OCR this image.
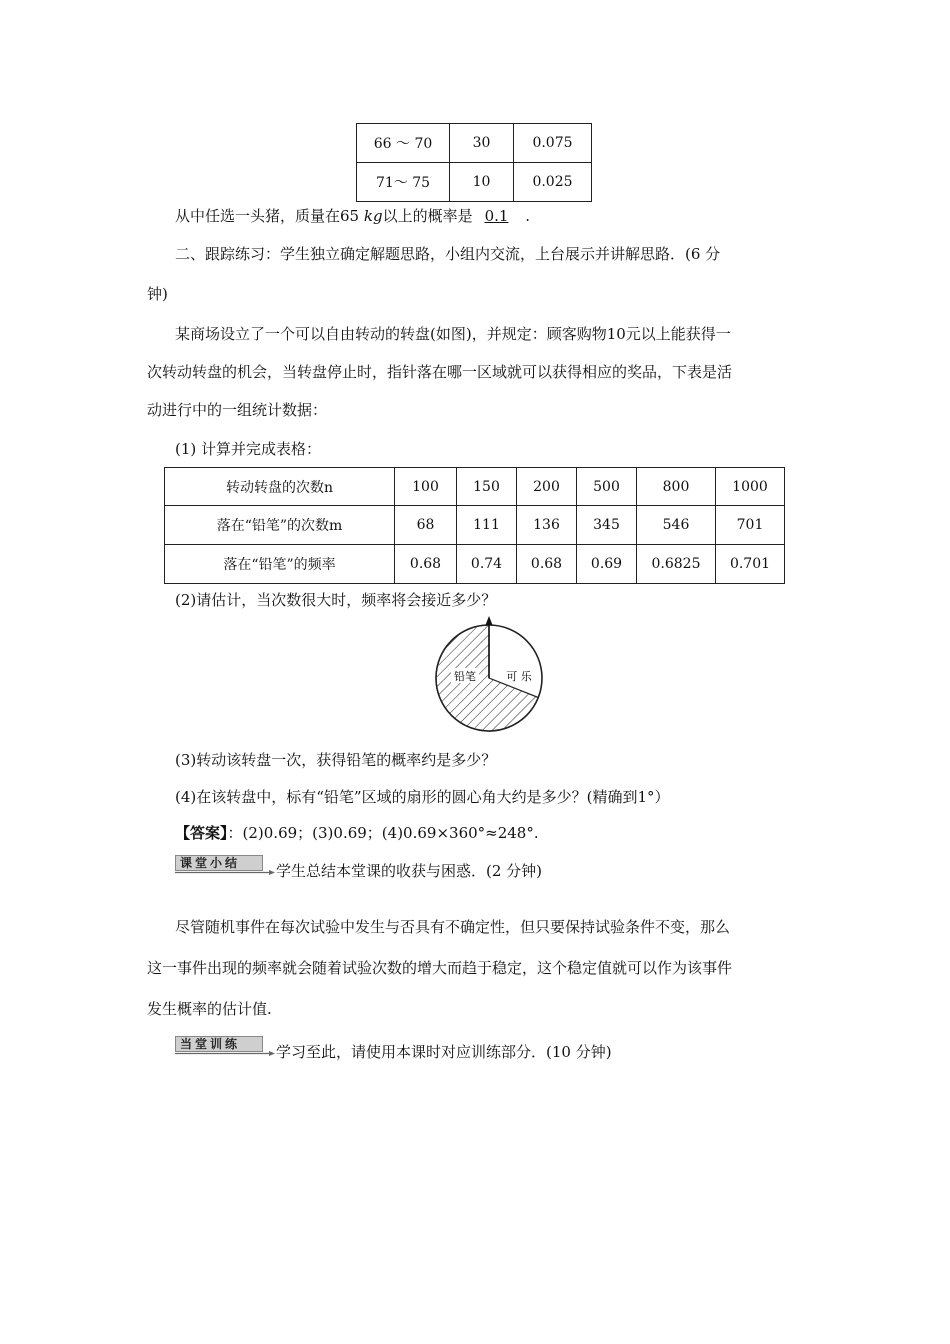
66 ～ 70	30	0.075
71～ 75	10	0.025
从中任选一头猪，质量在65 kg以上的概率是 0.1 .
二、跟踪练习：学生独立确定解题思路，小组内交流，上台展示并讲解思路．(6 分
钟)
某商场设立了一个可以自由转动的转盘(如图)，并规定：顾客购物10元以上能获得一
次转动转盘的机会，当转盘停止时，指针落在哪一区域就可以获得相应的奖品，下表是活
动进行中的一组统计数据：
(1) 计算并完成表格：
转动转盘的次数n	100	150	200	500	800	1000
落在“铅笔”的次数m	68	111	136	345	546	701
落在“铅笔”的频率	0.68	0.74	0.68	0.69	0.6825	0.701
(2)请估计，当次数很大时，频率将会接近多少？
铅笔	可 乐
(3)转动该转盘一次，获得铅笔的概率约是多少？
(4)在该转盘中，标有“铅笔”区域的扇形的圆心角大约是多少？(精确到1°）
【答案】：(2)0.69；(3)0.69；(4)0.69×360°≈248°.
课堂小结	学生总结本堂课的收获与困惑．(2 分钟)
尽管随机事件在每次试验中发生与否具有不确定性，但只要保持试验条件不变，那么
这一事件出现的频率就会随着试验次数的增大而趋于稳定，这个稳定值就可以作为该事件
发生概率的估计值.
当堂训练	学习至此，请使用本课时对应训练部分．(10 分钟)
